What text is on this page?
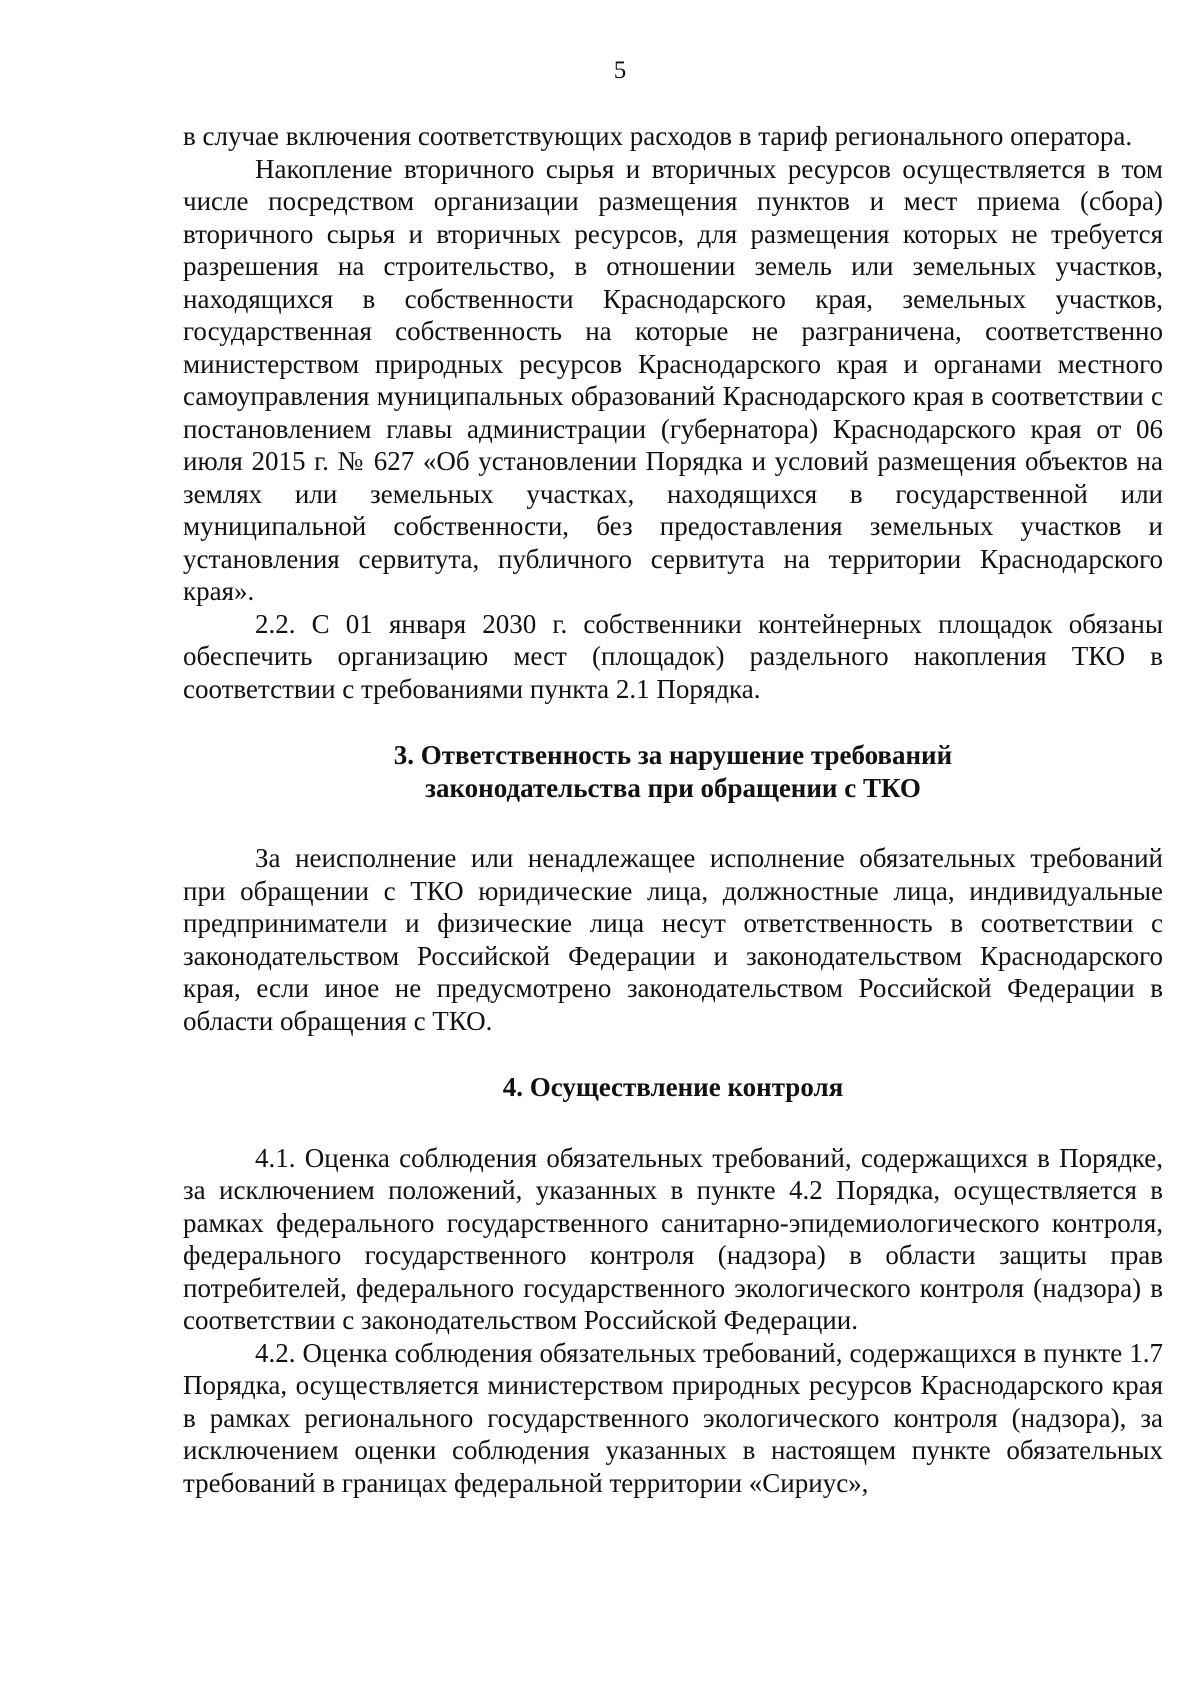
5

в случае включения соответствующих расходов в тариф регионального оператора.

Накопление вторичного сырья и вторичных ресурсов осуществляется в том числе посредством организации размещения пунктов и мест приема (сбора) вторичного сырья и вторичных ресурсов, для размещения которых не требуется разрешения на строительство, в отношении земель или земельных участков, находящихся в собственности Краснодарского края, земельных участков, государственная собственность на которые не разграничена, соответственно министерством природных ресурсов Краснодарского края и органами местного самоуправления муниципальных образований Краснодарского края в соответствии с постановлением главы администрации (губернатора) Краснодарского края от 06 июля 2015 г. № 627 «Об установлении Порядка и условий размещения объектов на землях или земельных участках, находящихся в государственной или муниципальной собственности, без предоставления земельных участков и установления сервитута, публичного сервитута на территории Краснодарского края».

2.2. С 01 января 2030 г. собственники контейнерных площадок обязаны обеспечить организацию мест (площадок) раздельного накопления ТКО в соответствии с требованиями пункта 2.1 Порядка.

3. Ответственность за нарушение требований

законодательства при обращении с ТКО

За неисполнение или ненадлежащее исполнение обязательных требований при обращении с ТКО юридические лица, должностные лица, индивидуальные предприниматели и физические лица несут ответственность в соответствии с законодательством Российской Федерации и законодательством Краснодарского края, если иное не предусмотрено законодательством Российской Федерации в области обращения с ТКО.

4. Осуществление контроля

4.1. Оценка соблюдения обязательных требований, содержащихся в Порядке, за исключением положений, указанных в пункте 4.2 Порядка, осуществляется в рамках федерального государственного санитарно-эпидемиологического контроля, федерального государственного контроля (надзора) в области защиты прав потребителей, федерального государственного экологического контроля (надзора) в соответствии с законодательством Российской Федерации.

4.2. Оценка соблюдения обязательных требований, содержащихся в пункте 1.7 Порядка, осуществляется министерством природных ресурсов Краснодарского края в рамках регионального государственного экологического контроля (надзора), за исключением оценки соблюдения указанных в настоящем пункте обязательных требований в границах федеральной территории «Сириус»,
